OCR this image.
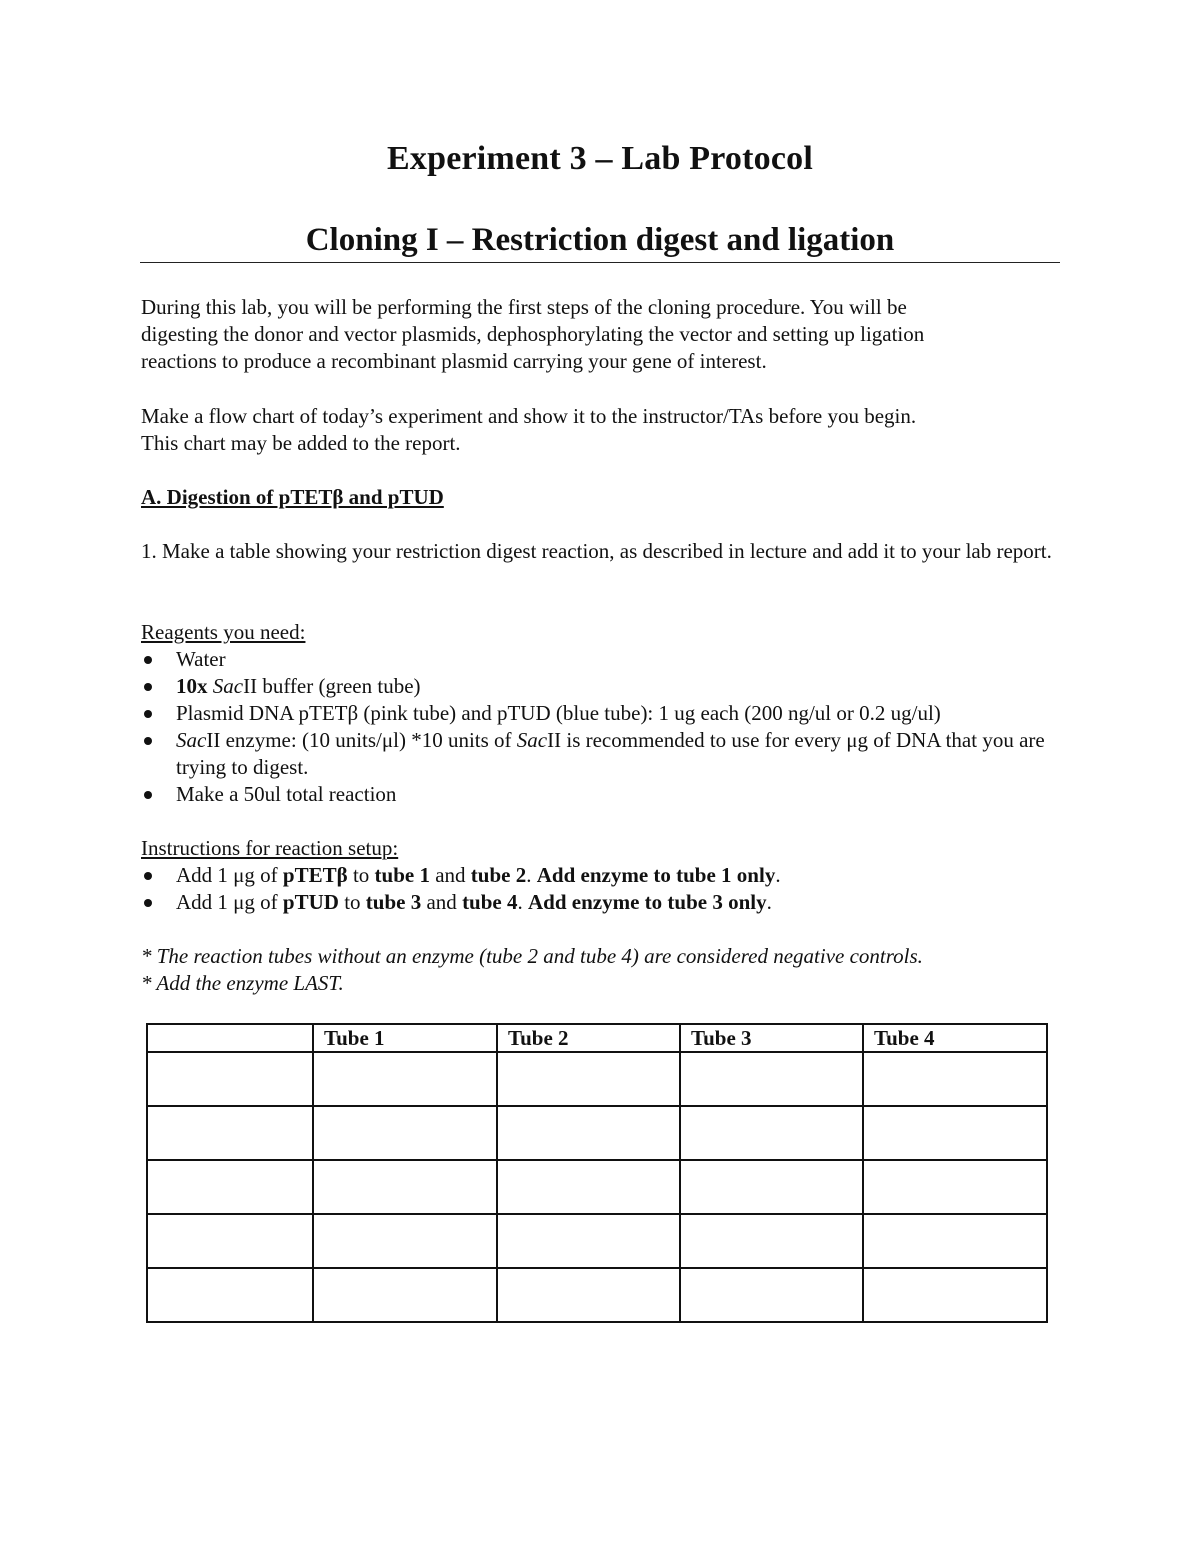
Experiment 3 – Lab Protocol
Cloning I – Restriction digest and ligation
During this lab, you will be performing the first steps of the cloning procedure. You will be
digesting the donor and vector plasmids, dephosphorylating the vector and setting up ligation
reactions to produce a recombinant plasmid carrying your gene of interest.
Make a flow chart of today’s experiment and show it to the instructor/TAs before you begin.
This chart may be added to the report.
A. Digestion of pTETβ and pTUD
1. Make a table showing your restriction digest reaction, as described in lecture and add it to your lab report.
Reagents you need:
Water
10x SacII buffer (green tube)
Plasmid DNA pTETβ (pink tube) and pTUD (blue tube): 1 ug each (200 ng/ul or 0.2 ug/ul)
SacII enzyme: (10 units/μl) *10 units of SacII is recommended to use for every μg of DNA that you are trying to digest.
Make a 50ul total reaction
Instructions for reaction setup:
Add 1 μg of pTETβ to tube 1 and tube 2. Add enzyme to tube 1 only.
Add 1 μg of pTUD to tube 3 and tube 4. Add enzyme to tube 3 only.
* The reaction tubes without an enzyme (tube 2 and tube 4) are considered negative controls.
* Add the enzyme LAST.
	Tube 1	Tube 2	Tube 3	Tube 4
